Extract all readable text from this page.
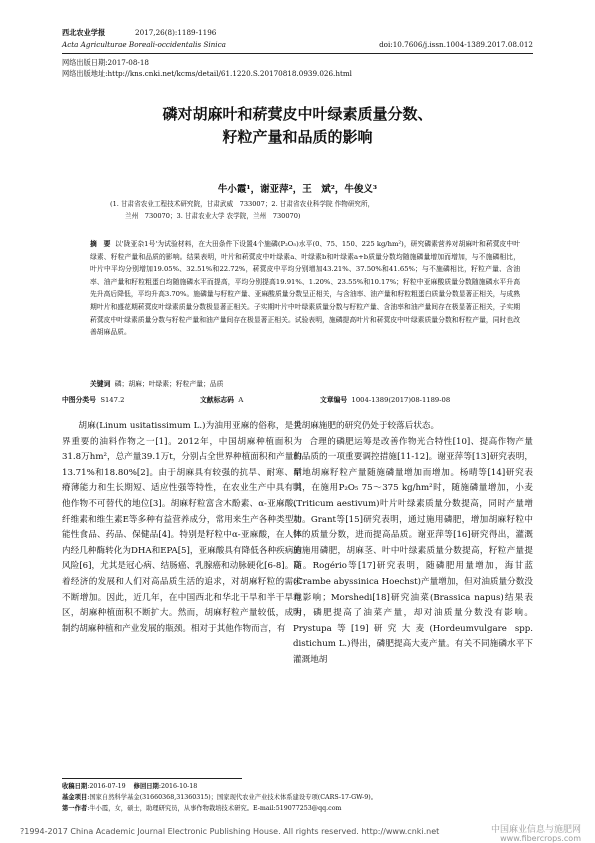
西北农业学报	2017,26(8):1189-1196
Acta Agriculturae Boreali-occidentalis Sinica	doi:10.7606/j.issn.1004-1389.2017.08.012
网络出版日期:2017-08-18
网络出版地址:http://kns.cnki.net/kcms/detail/61.1220.S.20170818.0939.026.html
磷对胡麻叶和菥蓂皮中叶绿素质量分数、
籽粒产量和品质的影响
牛小霞¹，谢亚萍²，王　斌²，牛俊义³
(1. 甘肃省农业工程技术研究院，甘肃武威　733007；2. 甘肃省农业科学院 作物研究所，
兰州　730070；3. 甘肃农业大学 农学院，兰州　730070)
摘　要 以'陇亚杂1号'为试验材料，在大田条件下设置4个施磷(P₂O₅)水平(0、75、150、225 kg/hm²)，研究磷素营养对胡麻叶和菥蓂皮中叶绿素、籽粒产量和品质的影响。结果表明，叶片和菥蓂皮中叶绿素a、叶绿素b和叶绿素a+b质量分数均随施磷量增加而增加，与不施磷相比，叶片中平均分别增加19.05%、32.51%和22.72%，菥蓂皮中平均分别增加43.21%、37.50%和41.65%；与不施磷相比，籽粒产量、含油率、油产量和籽粒粗蛋白均随施磷水平而提高，平均分别提高19.91%、1.20%、23.55%和10.17%；籽粒中亚麻酸质量分数随施磷水平升高先升高后降低，平均升高3.70%。施磷量与籽粒产量、亚麻酸质量分数呈正相关，与含油率、油产量和籽粒粗蛋白质量分数显著正相关，与成熟期叶片和盛花期菥蓂皮叶绿素质量分数极显著正相关。子实期叶片中叶绿素质量分数与籽粒产量、含油率和油产量间存在极显著正相关，子实期菥蓂皮中叶绿素质量分数与籽粒产量和油产量间存在极显著正相关。试验表明，施磷提高叶片和菥蓂皮中叶绿素质量分数和籽粒产量，同时也改善胡麻品质。
关键词 磷；胡麻；叶绿素；籽粒产量；品质
中图分类号 S147.2	文献标志码 A	文章编号 1004-1389(2017)08-1189-08

胡麻(Linum usitatissimum L.)为油用亚麻的俗称，是世界重要的油料作物之一[1]。2012年，中国胡麻种植面积为31.8万hm²，总产量39.1万t，分别占全世界种植面积和产量的13.71%和18.80%[2]。由于胡麻具有较强的抗旱、耐寒、耐瘠薄能力和生长期短、适应性强等特性，在农业生产中具有其他作物不可替代的地位[3]。胡麻籽粒富含木酚素、α-亚麻酸、纤维素和维生素E等多种有益营养成分，常用来生产各种类型功能性食品、药品、保健品[4]。特别是籽粒中α-亚麻酸，在人体内经几种酶转化为DHA和EPA[5]，亚麻酸具有降低各种疾病的风险[6]，尤其是冠心病、结肠癌、乳腺癌和动脉硬化[6-8]。随着经济的发展和人们对高品质生活的追求，对胡麻籽粒的需求不断增加。因此，近几年，在中国西北和华北干旱和半干旱地区，胡麻种植面积不断扩大。然而，胡麻籽粒产量较低，成为制约胡麻种植和产业发展的瓶颈。相对于其他作物而言，有

关胡麻施肥的研究仍处于较落后状态。

合理的磷肥运筹是改善作物光合特性[10]、提高作物产量和品质的一项重要调控措施[11-12]。谢亚萍等[13]研究表明，旱地胡麻籽粒产量随施磷量增加而增加。杨晴等[14]研究表明，在施用P₂O₅ 75～375 kg/hm²时，随施磷量增加，小麦(Triticum aestivum)叶片叶绿素质量分数提高，同时产量增加。Grant等[15]研究表明，通过施用磷肥，增加胡麻籽粒中锌的质量分数，进而提高品质。谢亚萍等[16]研究得出，灌溉施施用磷肥，胡麻茎、叶中叶绿素质量分数提高，籽粒产量提高。Rogério等[17]研究表明，随磷肥用量增加，海甘蓝(Crambe abyssinica Hoechst)产量增加，但对油质量分数没有影响；Morshedi[18]研究油菜(Brassica napus)结果表明，磷肥提高了油菜产量，却对油质量分数没有影响。Prystupa等[19]研究大麦(Hordeumvulgare spp. distichum L.)得出，磷肥提高大麦产量。有关不同施磷水平下灌溉地胡

收稿日期:2016-07-19 修回日期:2016-10-18
基金项目:国家自然科学基金(31660368,31360315)；国家现代农业产业技术体系建设专项(CARS-17-GW-9)。
第一作者:牛小霞，女，硕士，助理研究员，从事作物栽培技术研究。E-mail:519077253@qq.com
?1994-2017 China Academic Journal Electronic Publishing House. All rights reserved. http://www.cnki.net	中国麻业信息与施肥网
www.fibercrops.com
